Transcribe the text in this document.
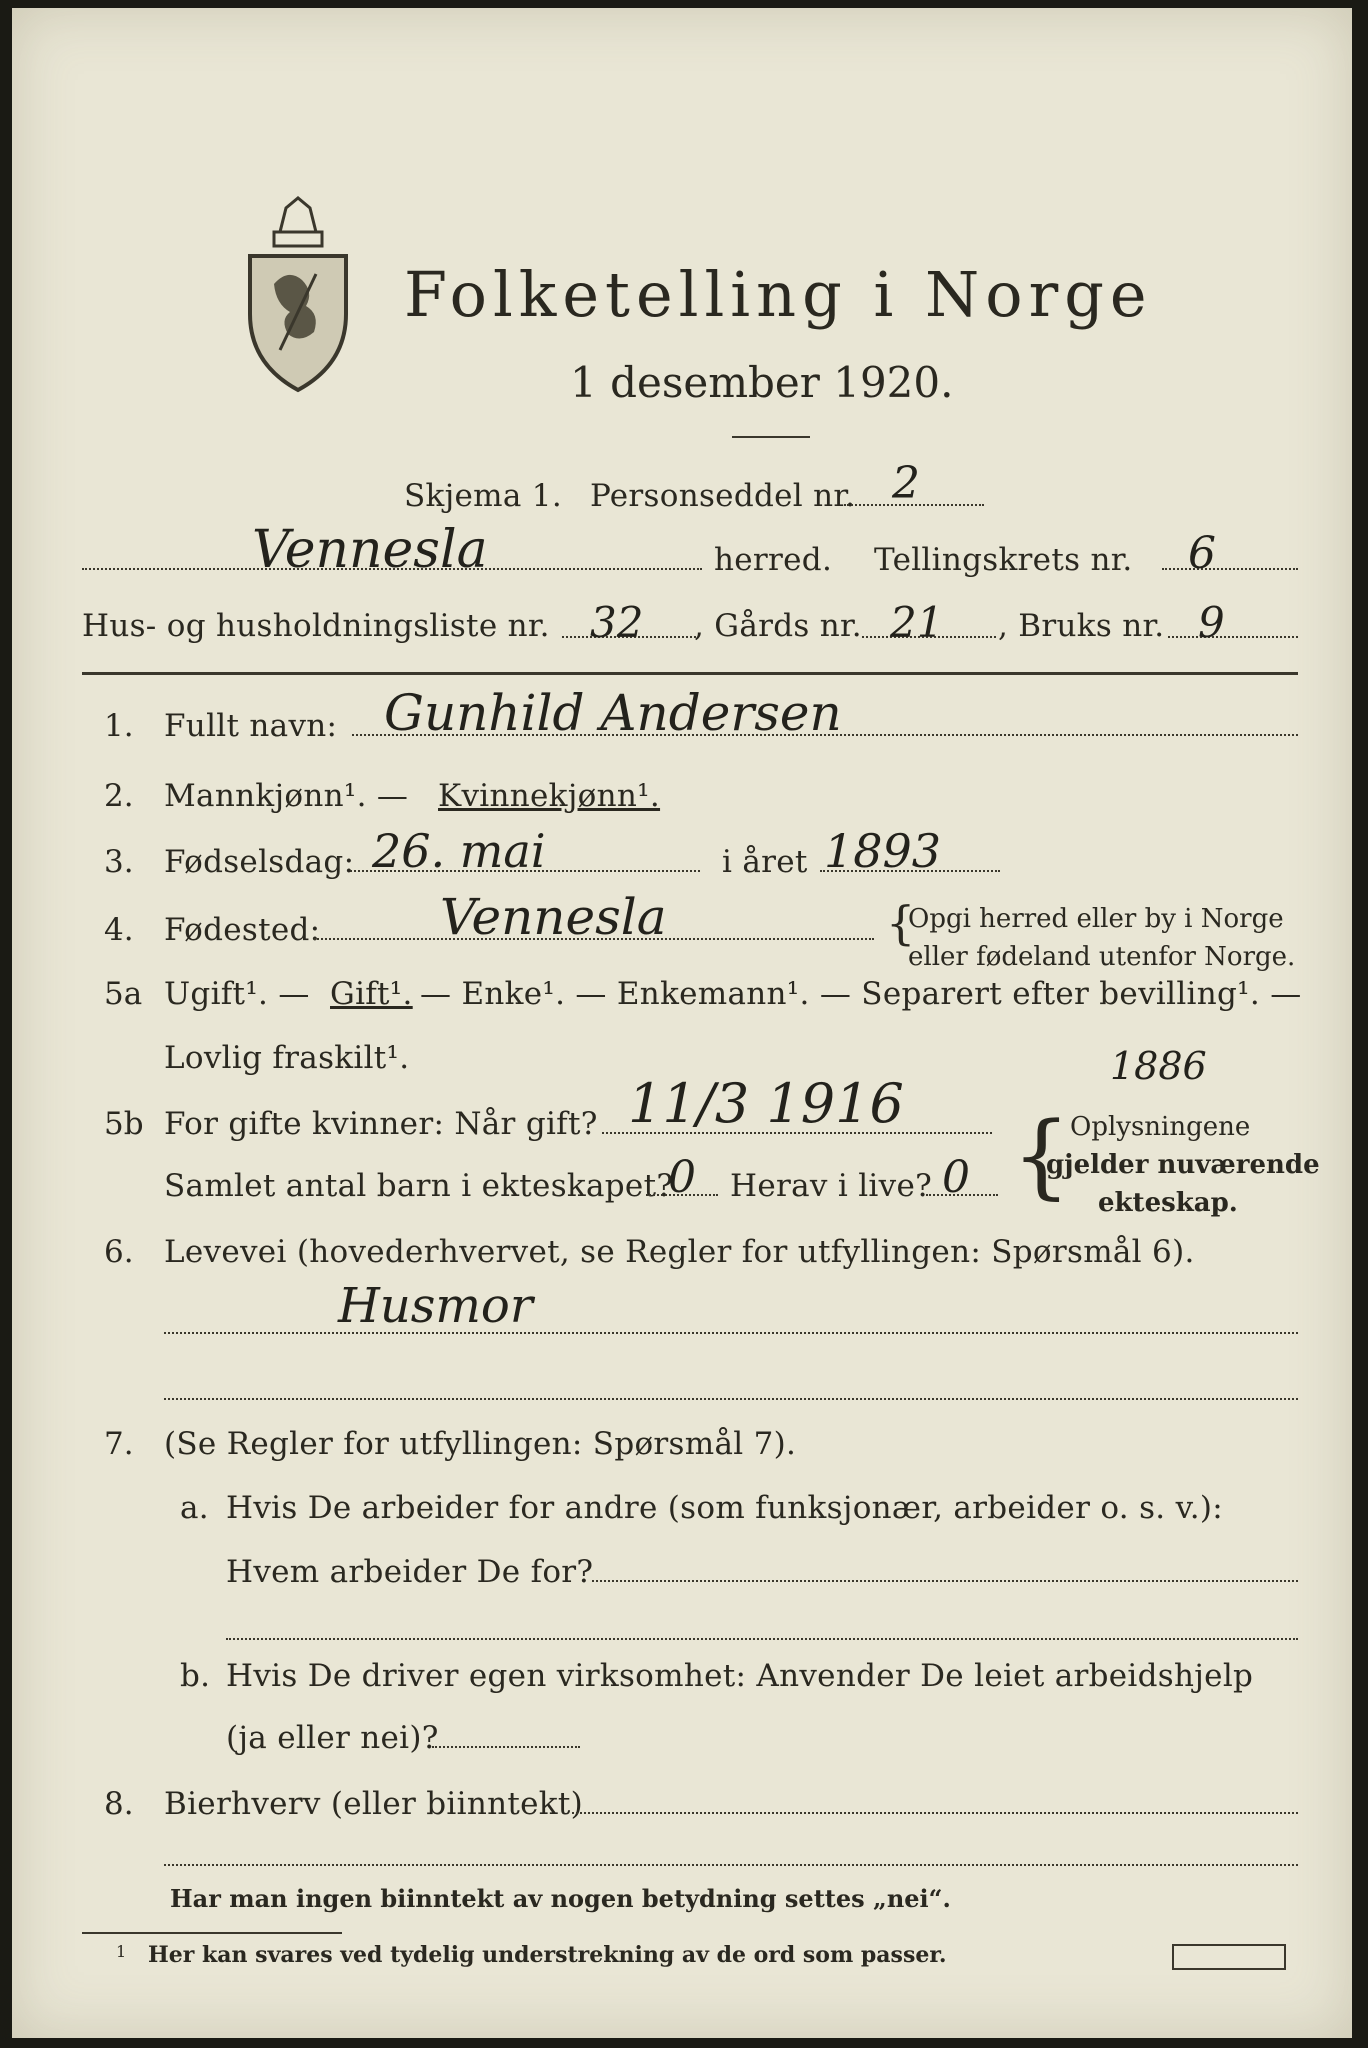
Folketelling i Norge
1 desember 1920.
Skjema 1. Personseddel nr. 2
Vennesla	herred. Tellingskrets nr. 6
Hus- og husholdningsliste nr. 32 , Gårds nr. 21 , Bruks nr. 9
1. Fullt navn: Gunhild Andersen
2. Mannkjønn¹. — Kvinnekjønn¹.
3. Fødselsdag: 26. mai	i året 1893
4. Fødested: Vennesla	{
Opgi herred eller by i Norge
eller fødeland utenfor Norge.
5a Ugift¹. — Gift¹. — Enke¹. — Enkemann¹. — Separert efter bevilling¹. —
Lovlig fraskilt¹.	1886
5b For gifte kvinner: Når gift? 11/3 1916
Samlet antal barn i ekteskapet?
0 Herav i live? 0 { Oplysningene
gjelder nuværende
ekteskap.
6. Levevei (hovederhvervet, se Regler for utfyllingen: Spørsmål 6).
Husmor
7. (Se Regler for utfyllingen: Spørsmål 7).
a. Hvis De arbeider for andre (som funksjonær, arbeider o. s. v.):
Hvem arbeider De for?
b. Hvis De driver egen virksomhet: Anvender De leiet arbeidshjelp
(ja eller nei)?
8. Bierhverv (eller biinntekt)
Har man ingen biinntekt av nogen betydning settes „nei“.
1 Her kan svares ved tydelig understrekning av de ord som passer.
